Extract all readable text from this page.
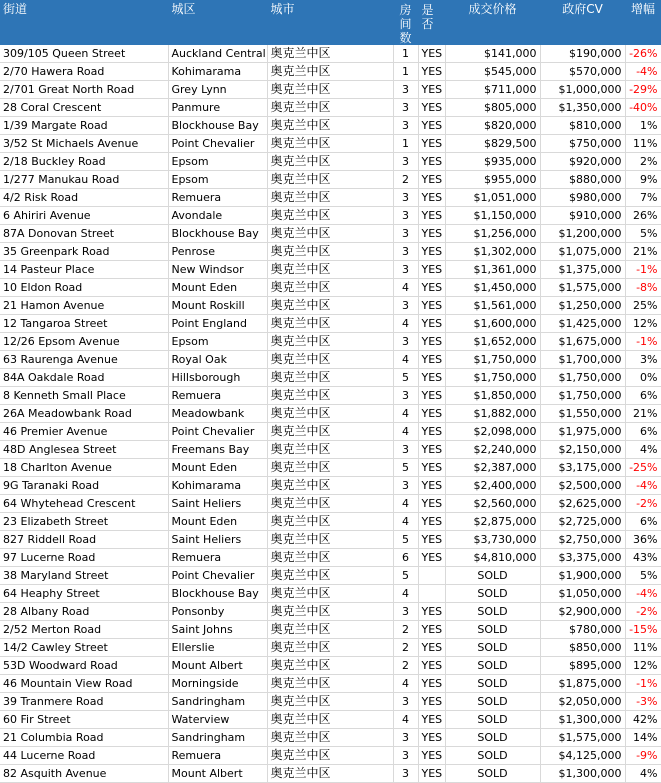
街道	城区	城市	房间数	是否	成交价格	政府CV	增幅
309/105 Queen Street	Auckland Central	奥克兰中区	1	YES	$141,000	$190,000	-26%
2/70 Hawera Road	Kohimarama	奥克兰中区	1	YES	$545,000	$570,000	-4%
2/701 Great North Road	Grey Lynn	奥克兰中区	3	YES	$711,000	$1,000,000	-29%
28 Coral Crescent	Panmure	奥克兰中区	3	YES	$805,000	$1,350,000	-40%
1/39 Margate Road	Blockhouse Bay	奥克兰中区	3	YES	$820,000	$810,000	1%
3/52 St Michaels Avenue	Point Chevalier	奥克兰中区	1	YES	$829,500	$750,000	11%
2/18 Buckley Road	Epsom	奥克兰中区	3	YES	$935,000	$920,000	2%
1/277 Manukau Road	Epsom	奥克兰中区	2	YES	$955,000	$880,000	9%
4/2 Risk Road	Remuera	奥克兰中区	3	YES	$1,051,000	$980,000	7%
6 Ahiriri Avenue	Avondale	奥克兰中区	3	YES	$1,150,000	$910,000	26%
87A Donovan Street	Blockhouse Bay	奥克兰中区	3	YES	$1,256,000	$1,200,000	5%
35 Greenpark Road	Penrose	奥克兰中区	3	YES	$1,302,000	$1,075,000	21%
14 Pasteur Place	New Windsor	奥克兰中区	3	YES	$1,361,000	$1,375,000	-1%
10 Eldon Road	Mount Eden	奥克兰中区	4	YES	$1,450,000	$1,575,000	-8%
21 Hamon Avenue	Mount Roskill	奥克兰中区	3	YES	$1,561,000	$1,250,000	25%
12 Tangaroa Street	Point England	奥克兰中区	4	YES	$1,600,000	$1,425,000	12%
12/26 Epsom Avenue	Epsom	奥克兰中区	3	YES	$1,652,000	$1,675,000	-1%
63 Raurenga Avenue	Royal Oak	奥克兰中区	4	YES	$1,750,000	$1,700,000	3%
84A Oakdale Road	Hillsborough	奥克兰中区	5	YES	$1,750,000	$1,750,000	0%
8 Kenneth Small Place	Remuera	奥克兰中区	3	YES	$1,850,000	$1,750,000	6%
26A Meadowbank Road	Meadowbank	奥克兰中区	4	YES	$1,882,000	$1,550,000	21%
46 Premier Avenue	Point Chevalier	奥克兰中区	4	YES	$2,098,000	$1,975,000	6%
48D Anglesea Street	Freemans Bay	奥克兰中区	3	YES	$2,240,000	$2,150,000	4%
18 Charlton Avenue	Mount Eden	奥克兰中区	5	YES	$2,387,000	$3,175,000	-25%
9G Taranaki Road	Kohimarama	奥克兰中区	3	YES	$2,400,000	$2,500,000	-4%
64 Whytehead Crescent	Saint Heliers	奥克兰中区	4	YES	$2,560,000	$2,625,000	-2%
23 Elizabeth Street	Mount Eden	奥克兰中区	4	YES	$2,875,000	$2,725,000	6%
827 Riddell Road	Saint Heliers	奥克兰中区	5	YES	$3,730,000	$2,750,000	36%
97 Lucerne Road	Remuera	奥克兰中区	6	YES	$4,810,000	$3,375,000	43%
38 Maryland Street	Point Chevalier	奥克兰中区	5		SOLD	$1,900,000	5%
64 Heaphy Street	Blockhouse Bay	奥克兰中区	4		SOLD	$1,050,000	-4%
28 Albany Road	Ponsonby	奥克兰中区	3	YES	SOLD	$2,900,000	-2%
2/52 Merton Road	Saint Johns	奥克兰中区	2	YES	SOLD	$780,000	-15%
14/2 Cawley Street	Ellerslie	奥克兰中区	2	YES	SOLD	$850,000	11%
53D Woodward Road	Mount Albert	奥克兰中区	2	YES	SOLD	$895,000	12%
46 Mountain View Road	Morningside	奥克兰中区	4	YES	SOLD	$1,875,000	-1%
39 Tranmere Road	Sandringham	奥克兰中区	3	YES	SOLD	$2,050,000	-3%
60 Fir Street	Waterview	奥克兰中区	4	YES	SOLD	$1,300,000	42%
21 Columbia Road	Sandringham	奥克兰中区	3	YES	SOLD	$1,575,000	14%
44 Lucerne Road	Remuera	奥克兰中区	3	YES	SOLD	$4,125,000	-9%
82 Asquith Avenue	Mount Albert	奥克兰中区	3	YES	SOLD	$1,300,000	4%
